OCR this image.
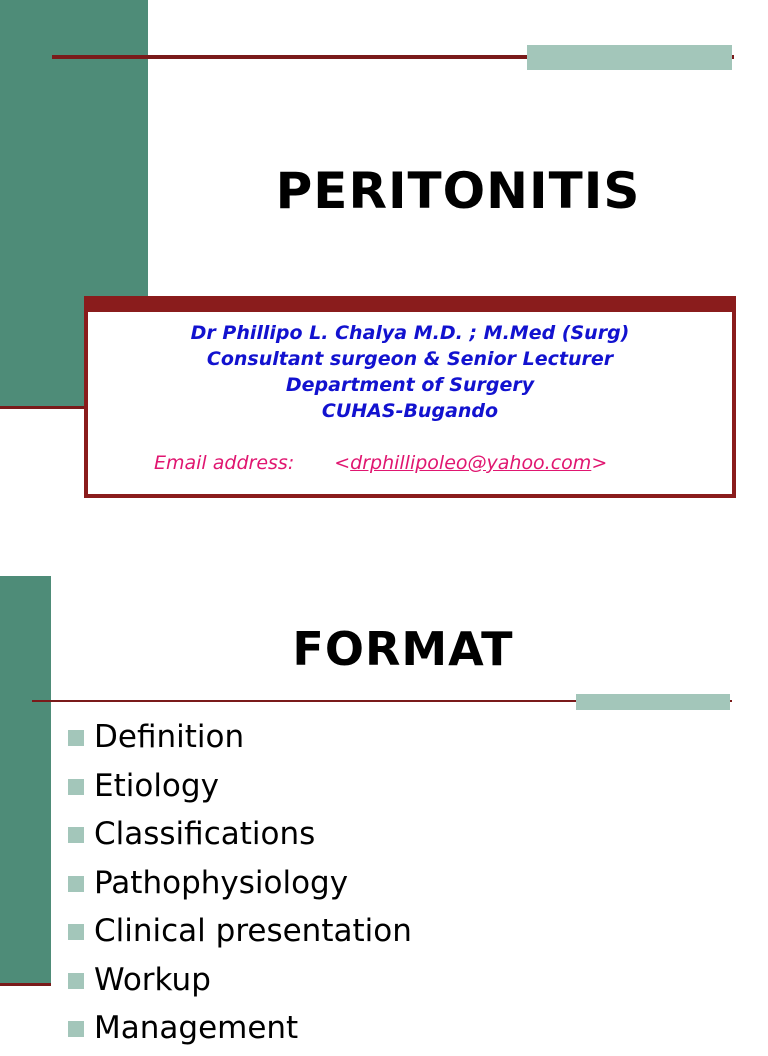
PERITONITIS
Dr Phillipo L. Chalya M.D. ; M.Med (Surg)
Consultant surgeon & Senior Lecturer
Department of Surgery
CUHAS-Bugando
Email address: <drphillipoleo@yahoo.com>
FORMAT
Definition
Etiology
Classifications
Pathophysiology
Clinical presentation
Workup
Management
